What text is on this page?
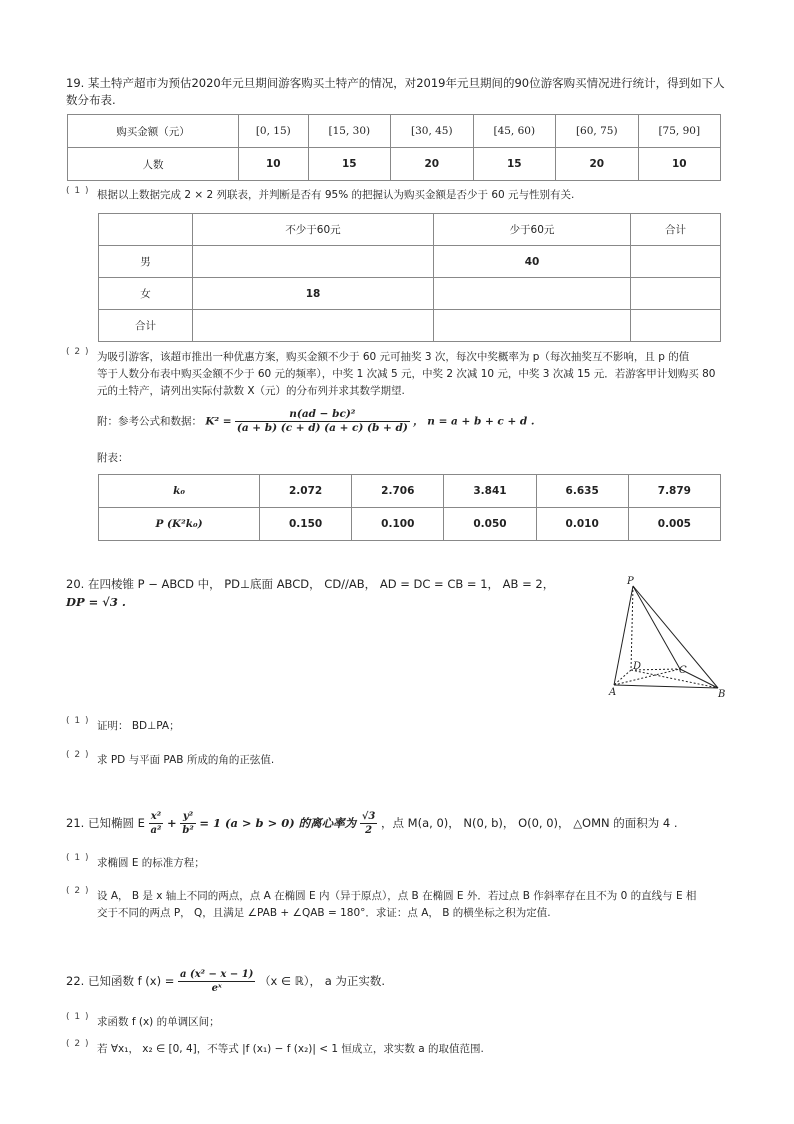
19. 某土特产超市为预估2020年元旦期间游客购买土特产的情况，对2019年元旦期间的90位游客购买情况进行统计，得到如下人
数分布表.
购买金额（元）	[0, 15)	[15, 30)	[30, 45)	[45, 60)	[60, 75)	[75, 90]
人数	10	15	20	15	20	10
( 1 ) 根据以上数据完成 2 × 2 列联表，并判断是否有 95% 的把握认为购买金额是否少于 60 元与性别有关.
	不少于60元	少于60元	合计
男		40	
女	18		
合计			
( 2 ) 为吸引游客，该超市推出一种优惠方案，购买金额不少于 60 元可抽奖 3 次，每次中奖概率为 p（每次抽奖互不影响，且 p 的值
等于人数分布表中购买金额不少于 60 元的频率），中奖 1 次减 5 元，中奖 2 次减 10 元，中奖 3 次减 15 元．若游客甲计划购买 80
元的土特产，请列出实际付款数 X（元）的分布列并求其数学期望.
附：参考公式和数据： $K^2 = \frac{\text{n(ad − bc)²}}{(a + b) (c + d) (a + c) (b + d)}$ ， n = a + b + c + d .
附表：
k₀	2.072	2.706	3.841	6.635	7.879
P (K²k₀)	0.150	0.100	0.050	0.010	0.005
20. 在四棱锥 P − ABCD 中， PD⊥底面 ABCD， CD//AB， AD = DC = CB = 1， AB = 2，
DP = √3 .
P
D	C
A	B
( 1 ) 证明： BD⊥PA；
( 2 ) 求 PD 与平面 PAB 所成的角的正弦值.
21. 已知椭圆 E $\frac{\text{x²}}{\text{a²}} + \frac{\text{y²}}{\text{b²}} = 1$ (a > b > 0) 的离心率为 $\frac{√3}{2}$ ，点 M(a, 0)， N(0, b)， O(0, 0)， △OMN 的面积为 4 .
( 1 ) 求椭圆 E 的标准方程；
( 2 ) 设 A， B 是 x 轴上不同的两点，点 A 在椭圆 E 内（异于原点），点 B 在椭圆 E 外．若过点 B 作斜率存在且不为 0 的直线与 E 相
交于不同的两点 P， Q，且满足 ∠PAB + ∠QAB = 180°．求证：点 A， B 的横坐标之积为定值.
22. 已知函数 f $(x) = \frac{\text{a (x² − x − 1)}}{\text{eˣ}} (x$ ∈ ℝ）， a 为正实数.
( 1 ) 求函数 f (x) 的单调区间；
( 2 ) 若 ∀x₁， x₂ ∈ [0, 4]，不等式 |f (x₁) − f (x₂)| < 1 恒成立，求实数 a 的取值范围.
